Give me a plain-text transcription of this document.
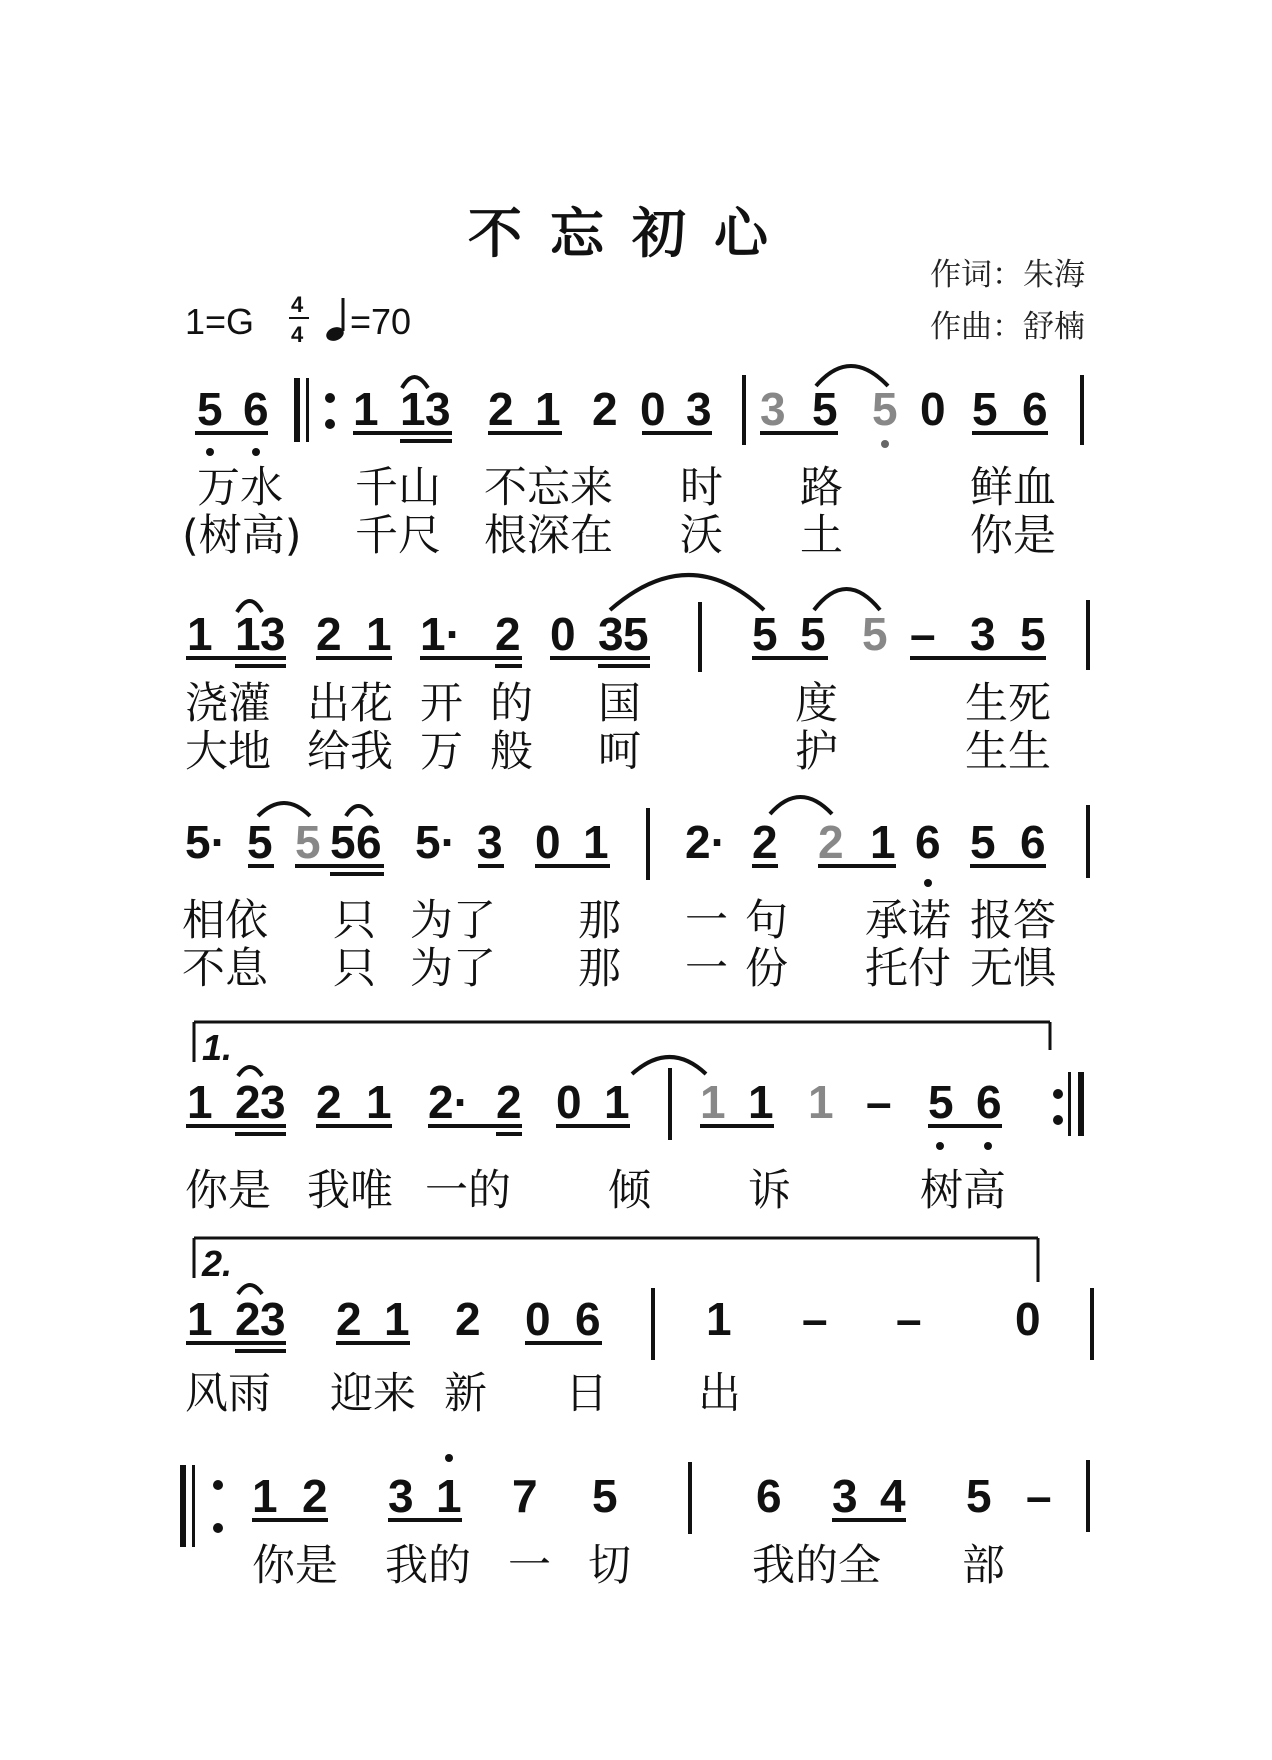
不忘初心
作词：朱海
作曲：舒楠
1=G 4
4 =70
5 6 1 1 3 2 1 2 0 3 3 5 5 0 5 6
万水 千山 不忘来 时 路	鲜血
(树高) 千尺 根深在 沃 土	你是
1 1 3 2 1 1· 2 0 3 5 5 5 5 – 3 5
浇灌 出花 开 的 国	度	生死
大地 给我 万 般 呵	护	生生
5· 5 5 5 6 5· 3 0 1 2· 2 2 1 6 5 6
相依 只 为了 那 一 句 承诺 报答
不息 只 为了 那 一 份 托付 无惧
1.
1 2 3 2 1 2· 2 0 1 1 1 1 – 5 6
你是 我唯 一的 倾 诉	树高
2.
1 2 3 2 1 2 0 6 1 – – 0
风雨 迎来 新 日 出
1 2 3 1 7 5	6 3 4 5 –
你是 我的 一 切	我的全 部
